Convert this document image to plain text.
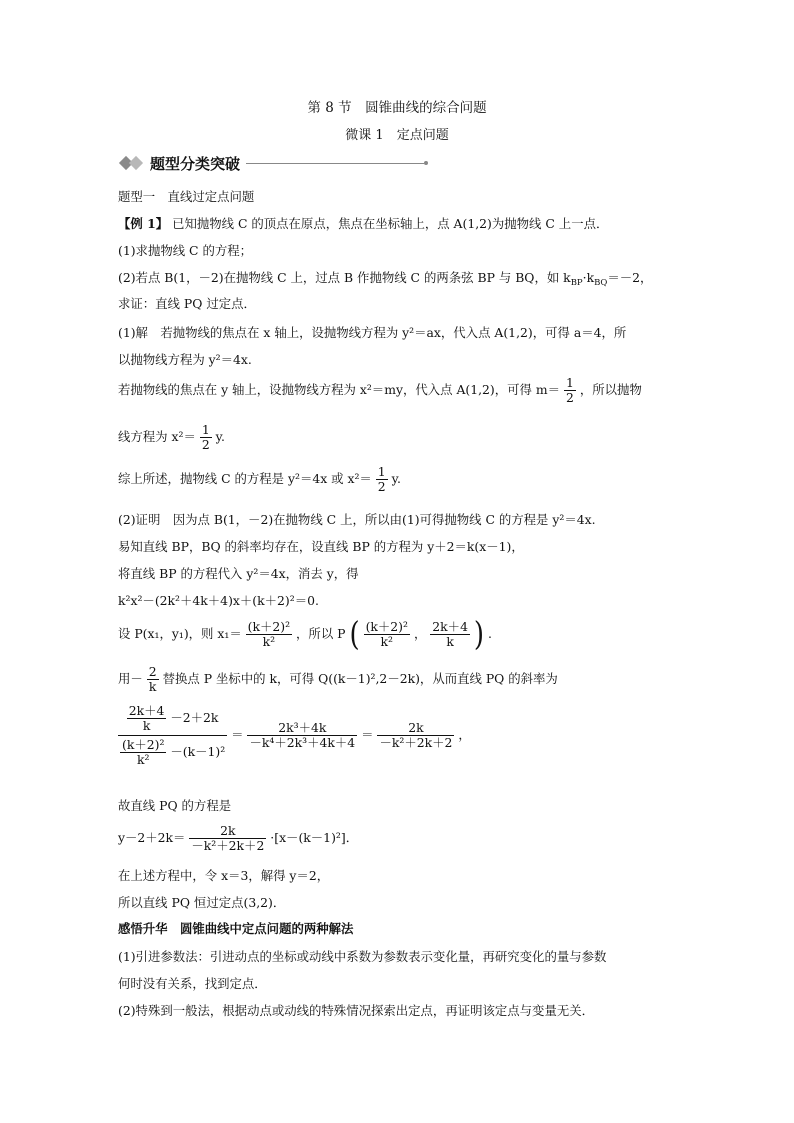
第 8 节　圆锥曲线的综合问题
微课 1　定点问题
题型分类突破
题型一　直线过定点问题
【例 1】 已知抛物线 C 的顶点在原点，焦点在坐标轴上，点 A(1,2)为抛物线 C 上一点．
(1)求抛物线 C 的方程；
(2)若点 B(1，－2)在抛物线 C 上，过点 B 作抛物线 C 的两条弦 BP 与 BQ，如 $k_{BP}\cdot k_{BQ}=-2$，
求证：直线 PQ 过定点．
(1)解　若抛物线的焦点在 x 轴上，设抛物线方程为 y²＝ax，代入点 A(1,2)，可得 a＝4，所
以抛物线方程为 y²＝4x.
若抛物线的焦点在 y 轴上，设抛物线方程为 x²＝my，代入点 A(1,2)，可得 $m= \frac{1}{2}$ ，所以抛物
线方程为 $x^2= \frac{1}{2} y$.
综上所述，抛物线 C 的方程是 y²＝4x 或 $x^2= \frac{1}{2} y$.
(2)证明　因为点 B(1，－2)在抛物线 C 上，所以由(1)可得抛物线 C 的方程是 y²＝4x.
易知直线 BP，BQ 的斜率均存在，设直线 BP 的方程为 y＋2＝k(x－1)，
将直线 BP 的方程代入 y²＝4x，消去 y，得
k²x²－(2k²＋4k＋4)x＋(k＋2)²＝0.
设 P(x₁，y₁)，则 $x_1= \frac{\text{(k＋2)²}}{\text{k²}}$ ，所以 P ( $\frac{\text{(k＋2)²}}{\text{k²}}$ ， $\frac{2k+4}{k}$ ) .
用－ $\frac{2}{k}$ 替换点 P 坐标中的 k，可得 Q((k－1)²,2－2k)，从而直线 PQ 的斜率为
$\frac{\frac{2k+4}{k} -2+2k}{\frac{\text{(k＋2)²}}{\text{k²}} -(k-1)^2} = \frac{\text{2k³＋4k}}{\text{－k⁴＋2k³＋4k＋4}} = \frac{2k}{\text{－k²＋2k＋2}}$ ，
故直线 PQ 的方程是
$y-2+2k= \frac{2k}{\text{－k²＋2k＋2}} \cdot[x-(k-1)^2]$．
在上述方程中，令 x＝3，解得 y＝2，
所以直线 PQ 恒过定点(3,2)．
感悟升华　圆锥曲线中定点问题的两种解法
(1)引进参数法：引进动点的坐标或动线中系数为参数表示变化量，再研究变化的量与参数
何时没有关系，找到定点．
(2)特殊到一般法，根据动点或动线的特殊情况探索出定点，再证明该定点与变量无关．
